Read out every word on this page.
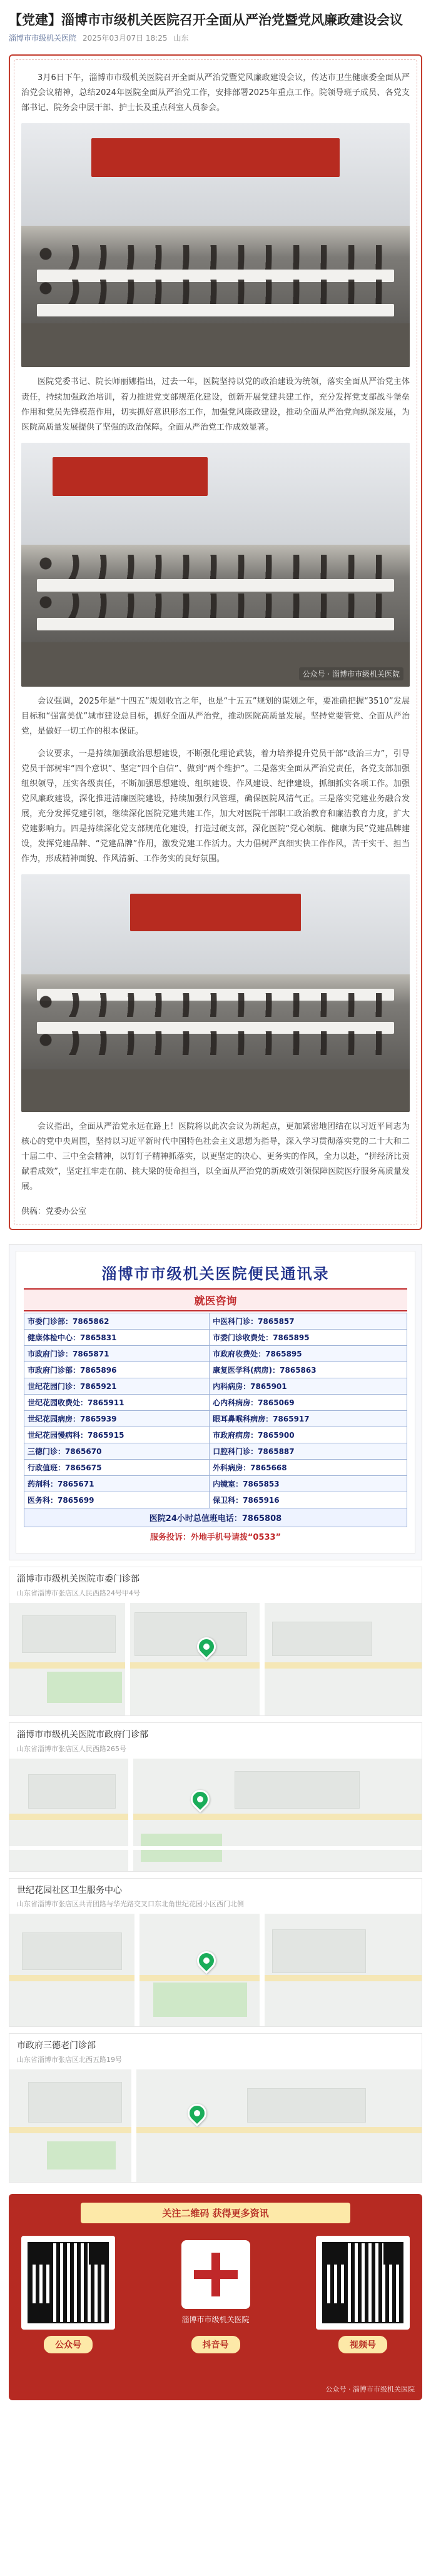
【党建】淄博市市级机关医院召开全面从严治党暨党风廉政建设会议
淄博市市级机关医院 2025年03月07日 18:25 山东

3月6日下午，淄博市市级机关医院召开全面从严治党暨党风廉政建设会议，传达市卫生健康委全面从严治党会议精神，总结2024年医院全面从严治党工作，安排部署2025年重点工作。院领导班子成员、各党支部书记、院务会中层干部、护士长及重点科室人员参会。

医院党委书记、院长师丽娜指出，过去一年，医院坚持以党的政治建设为统领，落实全面从严治党主体责任，持续加强政治培训，着力推进党支部规范化建设，创新开展党建共建工作，充分发挥党支部战斗堡垒作用和党员先锋模范作用，切实抓好意识形态工作，加强党风廉政建设，推动全面从严治党向纵深发展，为医院高质量发展提供了坚强的政治保障。全面从严治党工作成效显著。

公众号 · 淄博市市级机关医院

会议强调，2025年是“十四五”规划收官之年，也是“十五五”规划的谋划之年，要准确把握“3510”发展目标和“强富美优”城市建设总目标，抓好全面从严治党，推动医院高质量发展。坚持党要管党、全面从严治党，是做好一切工作的根本保证。

会议要求，一是持续加强政治思想建设，不断强化理论武装，着力培养提升党员干部“政治三力”，引导党员干部树牢“四个意识”、坚定“四个自信”、做到“两个维护”。二是落实全面从严治党责任，各党支部加强组织领导，压实各级责任，不断加强思想建设、组织建设、作风建设、纪律建设，抓细抓实各项工作。加强党风廉政建设，深化推进清廉医院建设，持续加强行风管理，确保医院风清气正。三是落实党建业务融合发展，充分发挥党建引领，继续深化医院党建共建工作，加大对医院干部职工政治教育和廉洁教育力度，扩大党建影响力。四是持续深化党支部规范化建设，打造过硬支部，深化医院“党心领航、健康为民”党建品牌建设，发挥党建品牌、“党建品牌”作用，激发党建工作活力。大力倡树严真细实快工作作风，苦干实干、担当作为，形成精神面貌、作风清新、工作务实的良好氛围。

会议指出，全面从严治党永远在路上！医院将以此次会议为新起点，更加紧密地团结在以习近平同志为核心的党中央周围，坚持以习近平新时代中国特色社会主义思想为指导，深入学习贯彻落实党的二十大和二十届二中、三中全会精神，以钉钉子精神抓落实，以更坚定的决心、更务实的作风，全力以赴，“拼经济比贡献看成效”，坚定扛牢走在前、挑大梁的使命担当，以全面从严治党的新成效引领保障医院医疗服务高质量发展。

供稿：党委办公室
淄博市市级机关医院便民通讯录
就医咨询
市委门诊部：7865862	中医科门诊：7865857
健康体检中心：7865831	市委门诊收费处：7865895
市政府门诊：7865871	市政府收费处：7865895
市政府门诊部：7865896	康复医学科(病房)：7865863
世纪花园门诊：7865921	内科病房：7865901
世纪花园收费处：7865911	心内科病房：7865069
世纪花园病房：7865939	眼耳鼻喉科病房：7865917
世纪花园慢病科：7865915	市政府病房：7865900
三德门诊：7865670	口腔科门诊：7865887
行政值班：7865675	外科病房：7865668
药剂科：7865671	内镜室：7865853
医务科：7865699	保卫科：7865916
医院24小时总值班电话：7865808
服务投诉：外地手机号请拨“0533”
淄博市市级机关医院市委门诊部
山东省淄博市张店区人民西路24号甲4号
淄博市市级机关医院市政府门诊部
山东省淄博市张店区人民西路265号
世纪花园社区卫生服务中心
山东省淄博市张店区共青团路与华光路交叉口东北角世纪花园小区西门北侧
市政府三德老门诊部
山东省淄博市张店区北西五路19号
关注二维码 获得更多资讯
公众号
淄博市市级机关医院
抖音号	视频号
公众号 · 淄博市市级机关医院
